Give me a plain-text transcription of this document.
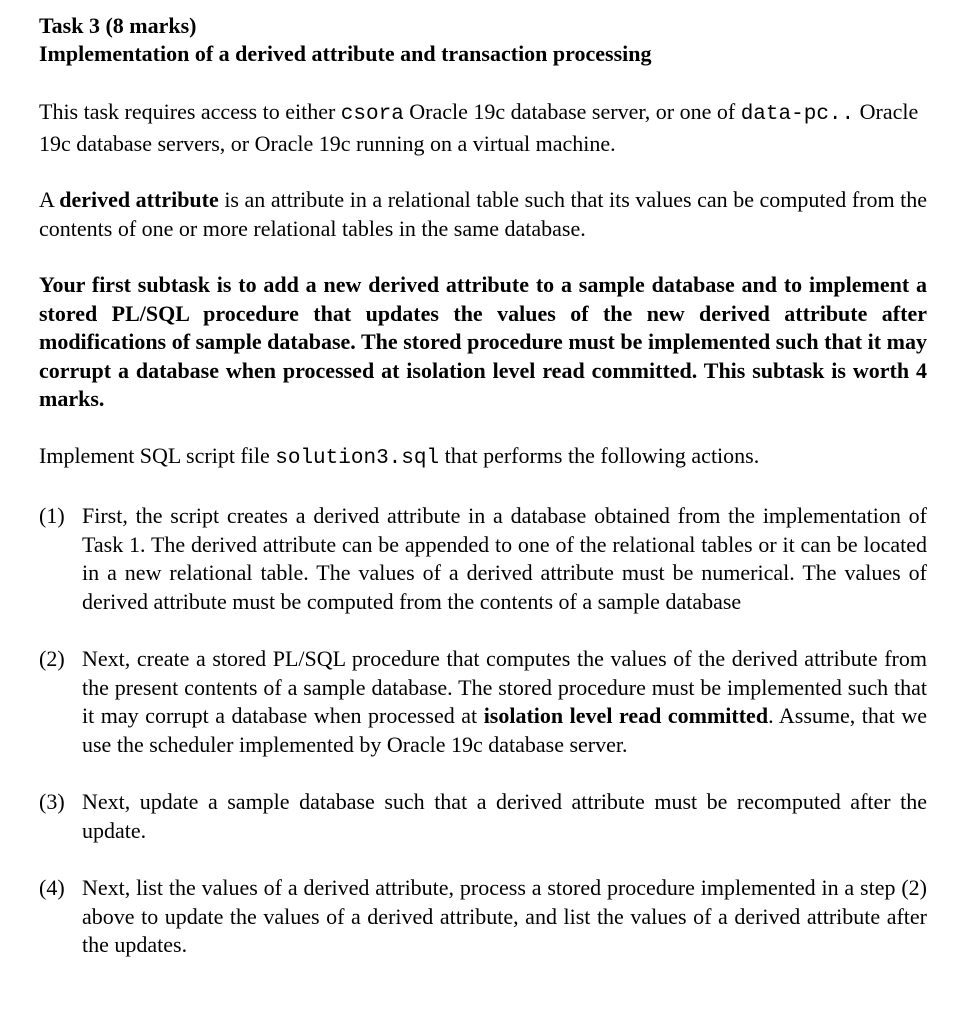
Task 3 (8 marks)
Implementation of a derived attribute and transaction processing

This task requires access to either csora Oracle 19c database server, or one of data-pc.. Oracle 19c database servers, or Oracle 19c running on a virtual machine.

A derived attribute is an attribute in a relational table such that its values can be computed from the contents of one or more relational tables in the same database.

Your first subtask is to add a new derived attribute to a sample database and to implement a stored PL/SQL procedure that updates the values of the new derived attribute after modifications of sample database. The stored procedure must be implemented such that it may corrupt a database when processed at isolation level read committed. This subtask is worth 4 marks.

Implement SQL script file solution3.sql that performs the following actions.

(1) First, the script creates a derived attribute in a database obtained from the implementation of Task 1. The derived attribute can be appended to one of the relational tables or it can be located in a new relational table. The values of a derived attribute must be numerical. The values of derived attribute must be computed from the contents of a sample database
(2) Next, create a stored PL/SQL procedure that computes the values of the derived attribute from the present contents of a sample database. The stored procedure must be implemented such that it may corrupt a database when processed at isolation level read committed. Assume, that we use the scheduler implemented by Oracle 19c database server.
(3) Next, update a sample database such that a derived attribute must be recomputed after the update.
(4) Next, list the values of a derived attribute, process a stored procedure implemented in a step (2) above to update the values of a derived attribute, and list the values of a derived attribute after the updates.
